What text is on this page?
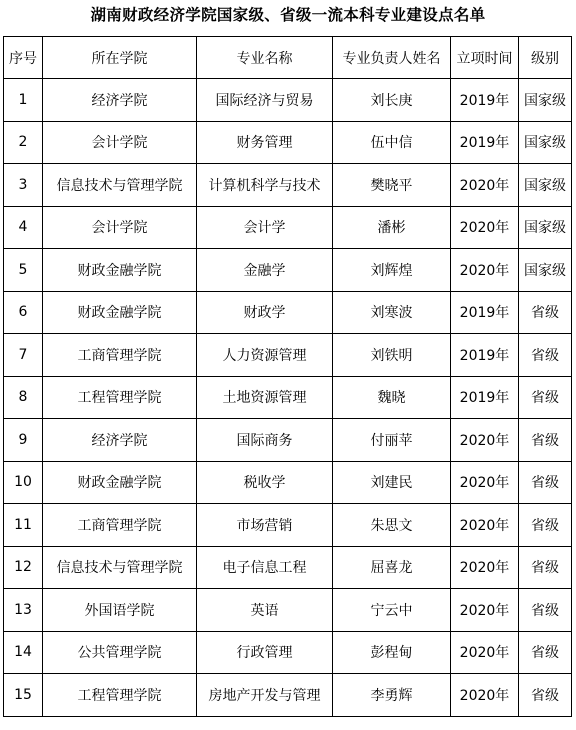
湖南财政经济学院国家级、省级一流本科专业建设点名单
序号	所在学院	专业名称	专业负责人姓名	立项时间	级别
1	经济学院	国际经济与贸易	刘长庚	2019年	国家级
2	会计学院	财务管理	伍中信	2019年	国家级
3	信息技术与管理学院	计算机科学与技术	樊晓平	2020年	国家级
4	会计学院	会计学	潘彬	2020年	国家级
5	财政金融学院	金融学	刘辉煌	2020年	国家级
6	财政金融学院	财政学	刘寒波	2019年	省级
7	工商管理学院	人力资源管理	刘铁明	2019年	省级
8	工程管理学院	土地资源管理	魏晓	2019年	省级
9	经济学院	国际商务	付丽苹	2020年	省级
10	财政金融学院	税收学	刘建民	2020年	省级
11	工商管理学院	市场营销	朱思文	2020年	省级
12	信息技术与管理学院	电子信息工程	屈喜龙	2020年	省级
13	外国语学院	英语	宁云中	2020年	省级
14	公共管理学院	行政管理	彭程甸	2020年	省级
15	工程管理学院	房地产开发与管理	李勇辉	2020年	省级
